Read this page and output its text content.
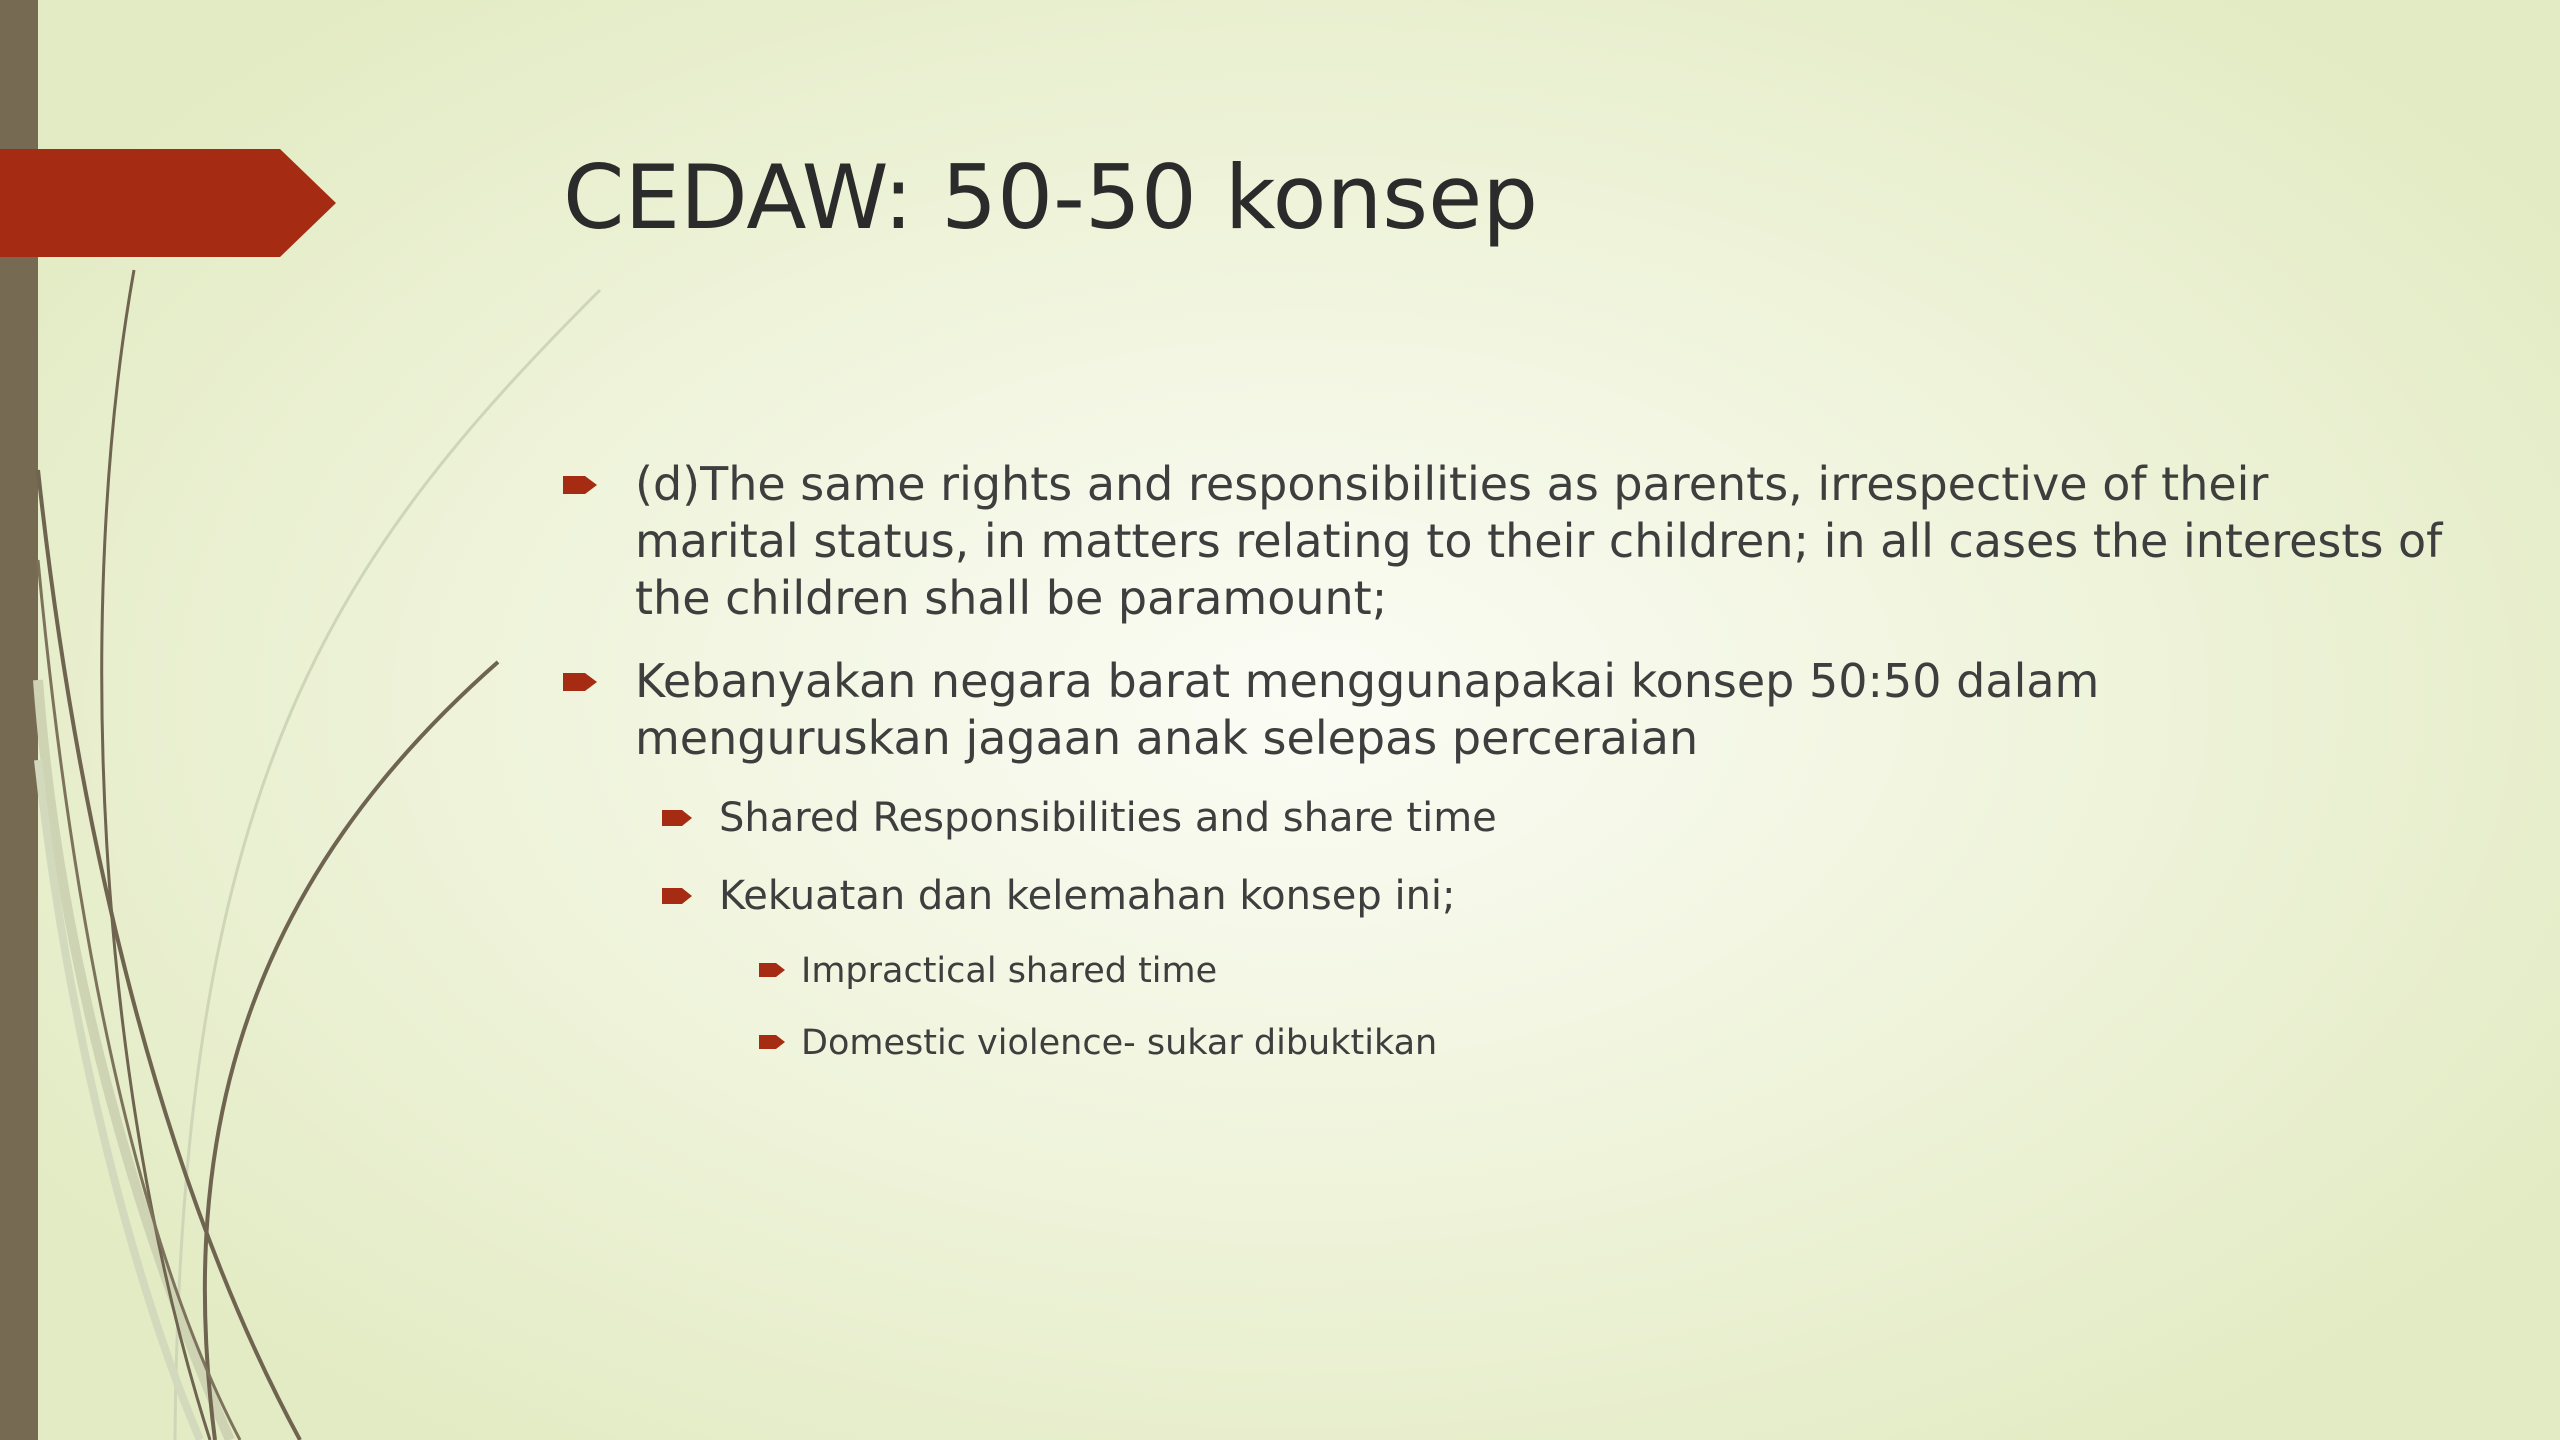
CEDAW: 50-50 konsep
(d)The same rights and responsibilities as parents, irrespective of their
marital status, in matters relating to their children; in all cases the interests of
the children shall be paramount;
Kebanyakan negara barat menggunapakai konsep 50:50 dalam
menguruskan jagaan anak selepas perceraian
Shared Responsibilities and share time
Kekuatan dan kelemahan konsep ini;
Impractical shared time
Domestic violence- sukar dibuktikan
